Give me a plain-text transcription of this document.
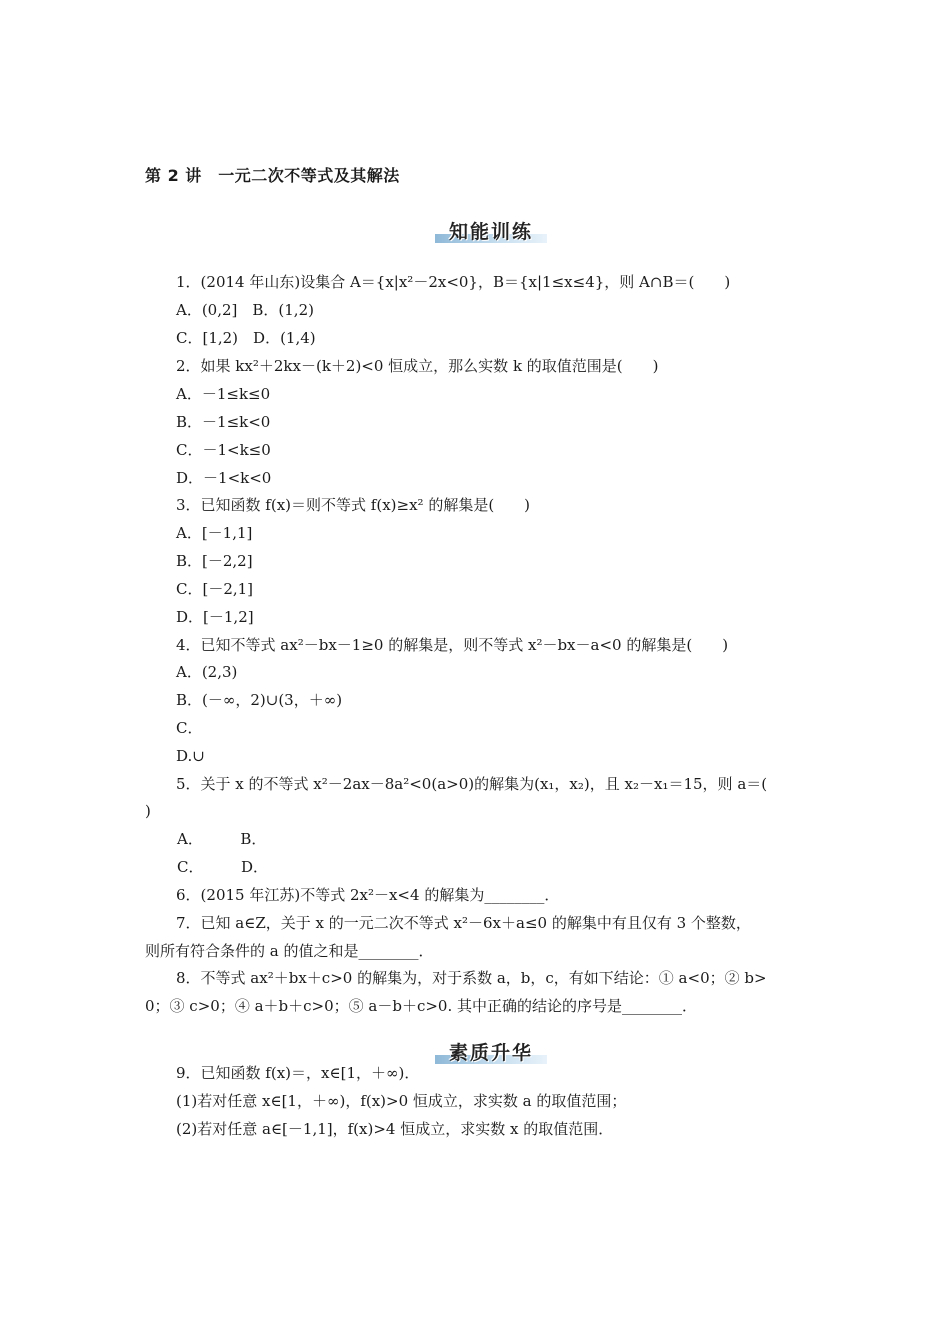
第 2 讲　一元二次不等式及其解法
知能训练
1．(2014 年山东)设集合 A＝{x|x²－2x<0}，B＝{x|1≤x≤4}，则 A∩B＝(　　)
A．(0,2]　B．(1,2)
C．[1,2)　D．(1,4)
2．如果 kx²＋2kx－(k＋2)<0 恒成立，那么实数 k 的取值范围是(　　)
A．－1≤k≤0
B．－1≤k<0
C．－1<k≤0
D．－1<k<0
3．已知函数 f(x)＝则不等式 f(x)≥x² 的解集是(　　)
A．[－1,1]
B．[－2,2]
C．[－2,1]
D．[－1,2]
4．已知不等式 ax²－bx－1≥0 的解集是，则不等式 x²－bx－a<0 的解集是(　　)
A．(2,3)
B．(－∞，2)∪(3，＋∞)
C．
D.∪
5．关于 x 的不等式 x²－2ax－8a²<0(a>0)的解集为(x₁，x₂)，且 x₂－x₁＝15，则 a＝(
)
A．　　　B．
C．　　　D．
6．(2015 年江苏)不等式 2x²－x<4 的解集为________．
7．已知 a∈Z，关于 x 的一元二次不等式 x²－6x＋a≤0 的解集中有且仅有 3 个整数，
则所有符合条件的 a 的值之和是________．
8．不等式 ax²＋bx＋c>0 的解集为，对于系数 a，b，c，有如下结论：① a<0；② b>
0；③ c>0；④ a＋b＋c>0；⑤ a－b＋c>0. 其中正确的结论的序号是________．
素质升华
9．已知函数 f(x)＝，x∈[1，＋∞)．
(1)若对任意 x∈[1，＋∞)，f(x)>0 恒成立，求实数 a 的取值范围；
(2)若对任意 a∈[－1,1]，f(x)>4 恒成立，求实数 x 的取值范围．
